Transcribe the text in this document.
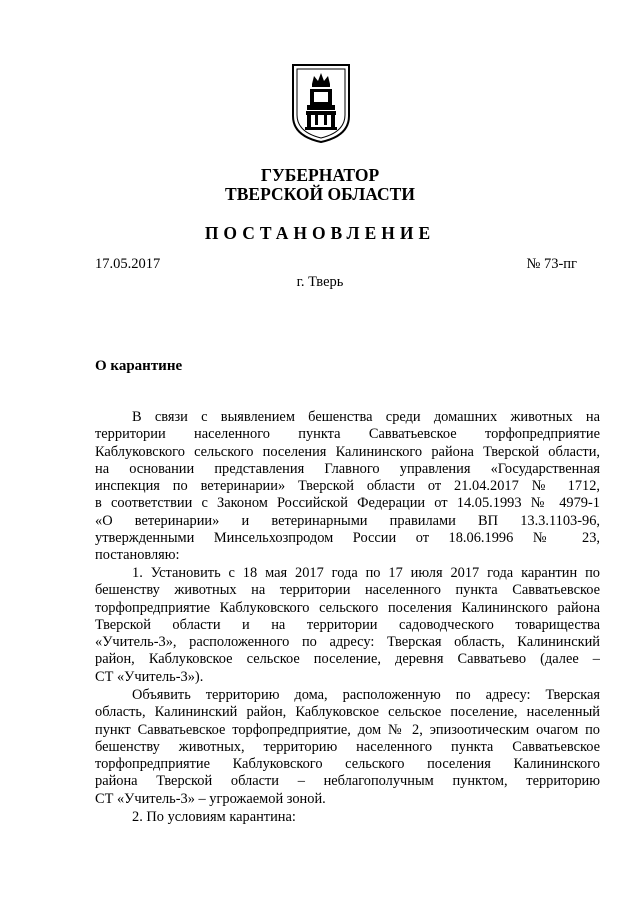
ГУБЕРНАТОР
ТВЕРСКОЙ ОБЛАСТИ
ПОСТАНОВЛЕНИЕ
17.05.2017	№ 73-пг
г. Тверь
О карантине
В связи с выявлением бешенства среди домашних животных на
территории населенного пункта Савватьевское торфопредприятие
Каблуковского сельского поселения Калининского района Тверской области,
на основании представления Главного управления «Государственная
инспекция по ветеринарии» Тверской области от 21.04.2017 № 1712,
в соответствии с Законом Российской Федерации от 14.05.1993 № 4979-1
«О ветеринарии» и ветеринарными правилами ВП 13.3.1103-96,
утвержденными Минсельхозпродом России от 18.06.1996 № 23,
постановляю:
1. Установить с 18 мая 2017 года по 17 июля 2017 года карантин по
бешенству животных на территории населенного пункта Савватьевское
торфопредприятие Каблуковского сельского поселения Калининского района
Тверской области и на территории садоводческого товарищества
«Учитель-3», расположенного по адресу: Тверская область, Калининский
район, Каблуковское сельское поселение, деревня Савватьево (далее –
СТ «Учитель-3»).
Объявить территорию дома, расположенную по адресу: Тверская
область, Калининский район, Каблуковское сельское поселение, населенный
пункт Савватьевское торфопредприятие, дом № 2, эпизоотическим очагом по
бешенству животных, территорию населенного пункта Савватьевское
торфопредприятие Каблуковского сельского поселения Калининского
района Тверской области – неблагополучным пунктом, территорию
СТ «Учитель-3» – угрожаемой зоной.
2. По условиям карантина:
